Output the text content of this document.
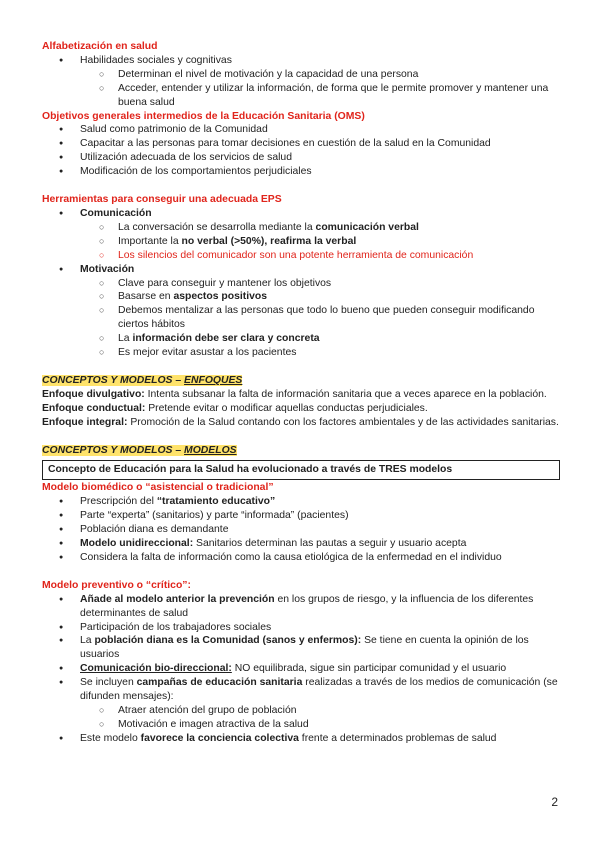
Alfabetización en salud
● Habilidades sociales y cognitivas
○ Determinan el nivel de motivación y la capacidad de una persona
○ Acceder, entender y utilizar la información, de forma que le permite promover y mantener una buena salud
Objetivos generales intermedios de la Educación Sanitaria (OMS)
● Salud como patrimonio de la Comunidad
● Capacitar a las personas para tomar decisiones en cuestión de la salud en la Comunidad
● Utilización adecuada de los servicios de salud
● Modificación de los comportamientos perjudiciales
Herramientas para conseguir una adecuada EPS
● Comunicación
○ La conversación se desarrolla mediante la comunicación verbal
○ Importante la no verbal (>50%), reafirma la verbal
○ Los silencios del comunicador son una potente herramienta de comunicación
● Motivación
○ Clave para conseguir y mantener los objetivos
○ Basarse en aspectos positivos
○ Debemos mentalizar a las personas que todo lo bueno que pueden conseguir modificando ciertos hábitos
○ La información debe ser clara y concreta
○ Es mejor evitar asustar a los pacientes
CONCEPTOS Y MODELOS – ENFOQUES
Enfoque divulgativo: Intenta subsanar la falta de información sanitaria que a veces aparece en la población.
Enfoque conductual: Pretende evitar o modificar aquellas conductas perjudiciales.
Enfoque integral: Promoción de la Salud contando con los factores ambientales y de las actividades sanitarias.
CONCEPTOS Y MODELOS – MODELOS
Concepto de Educación para la Salud ha evolucionado a través de TRES modelos
Modelo biomédico o “asistencial o tradicional”
● Prescripción del “tratamiento educativo”
● Parte “experta” (sanitarios) y parte “informada” (pacientes)
● Población diana es demandante
● Modelo unidireccional: Sanitarios determinan las pautas a seguir y usuario acepta
● Considera la falta de información como la causa etiológica de la enfermedad en el individuo
Modelo preventivo o “crítico”:
● Añade al modelo anterior la prevención en los grupos de riesgo, y la influencia de los diferentes determinantes de salud
● Participación de los trabajadores sociales
● La población diana es la Comunidad (sanos y enfermos): Se tiene en cuenta la opinión de los usuarios
● Comunicación bio-direccional: NO equilibrada, sigue sin participar comunidad y el usuario
● Se incluyen campañas de educación sanitaria realizadas a través de los medios de comunicación (se difunden mensajes):
○ Atraer atención del grupo de población
○ Motivación e imagen atractiva de la salud
● Este modelo favorece la conciencia colectiva frente a determinados problemas de salud
2
